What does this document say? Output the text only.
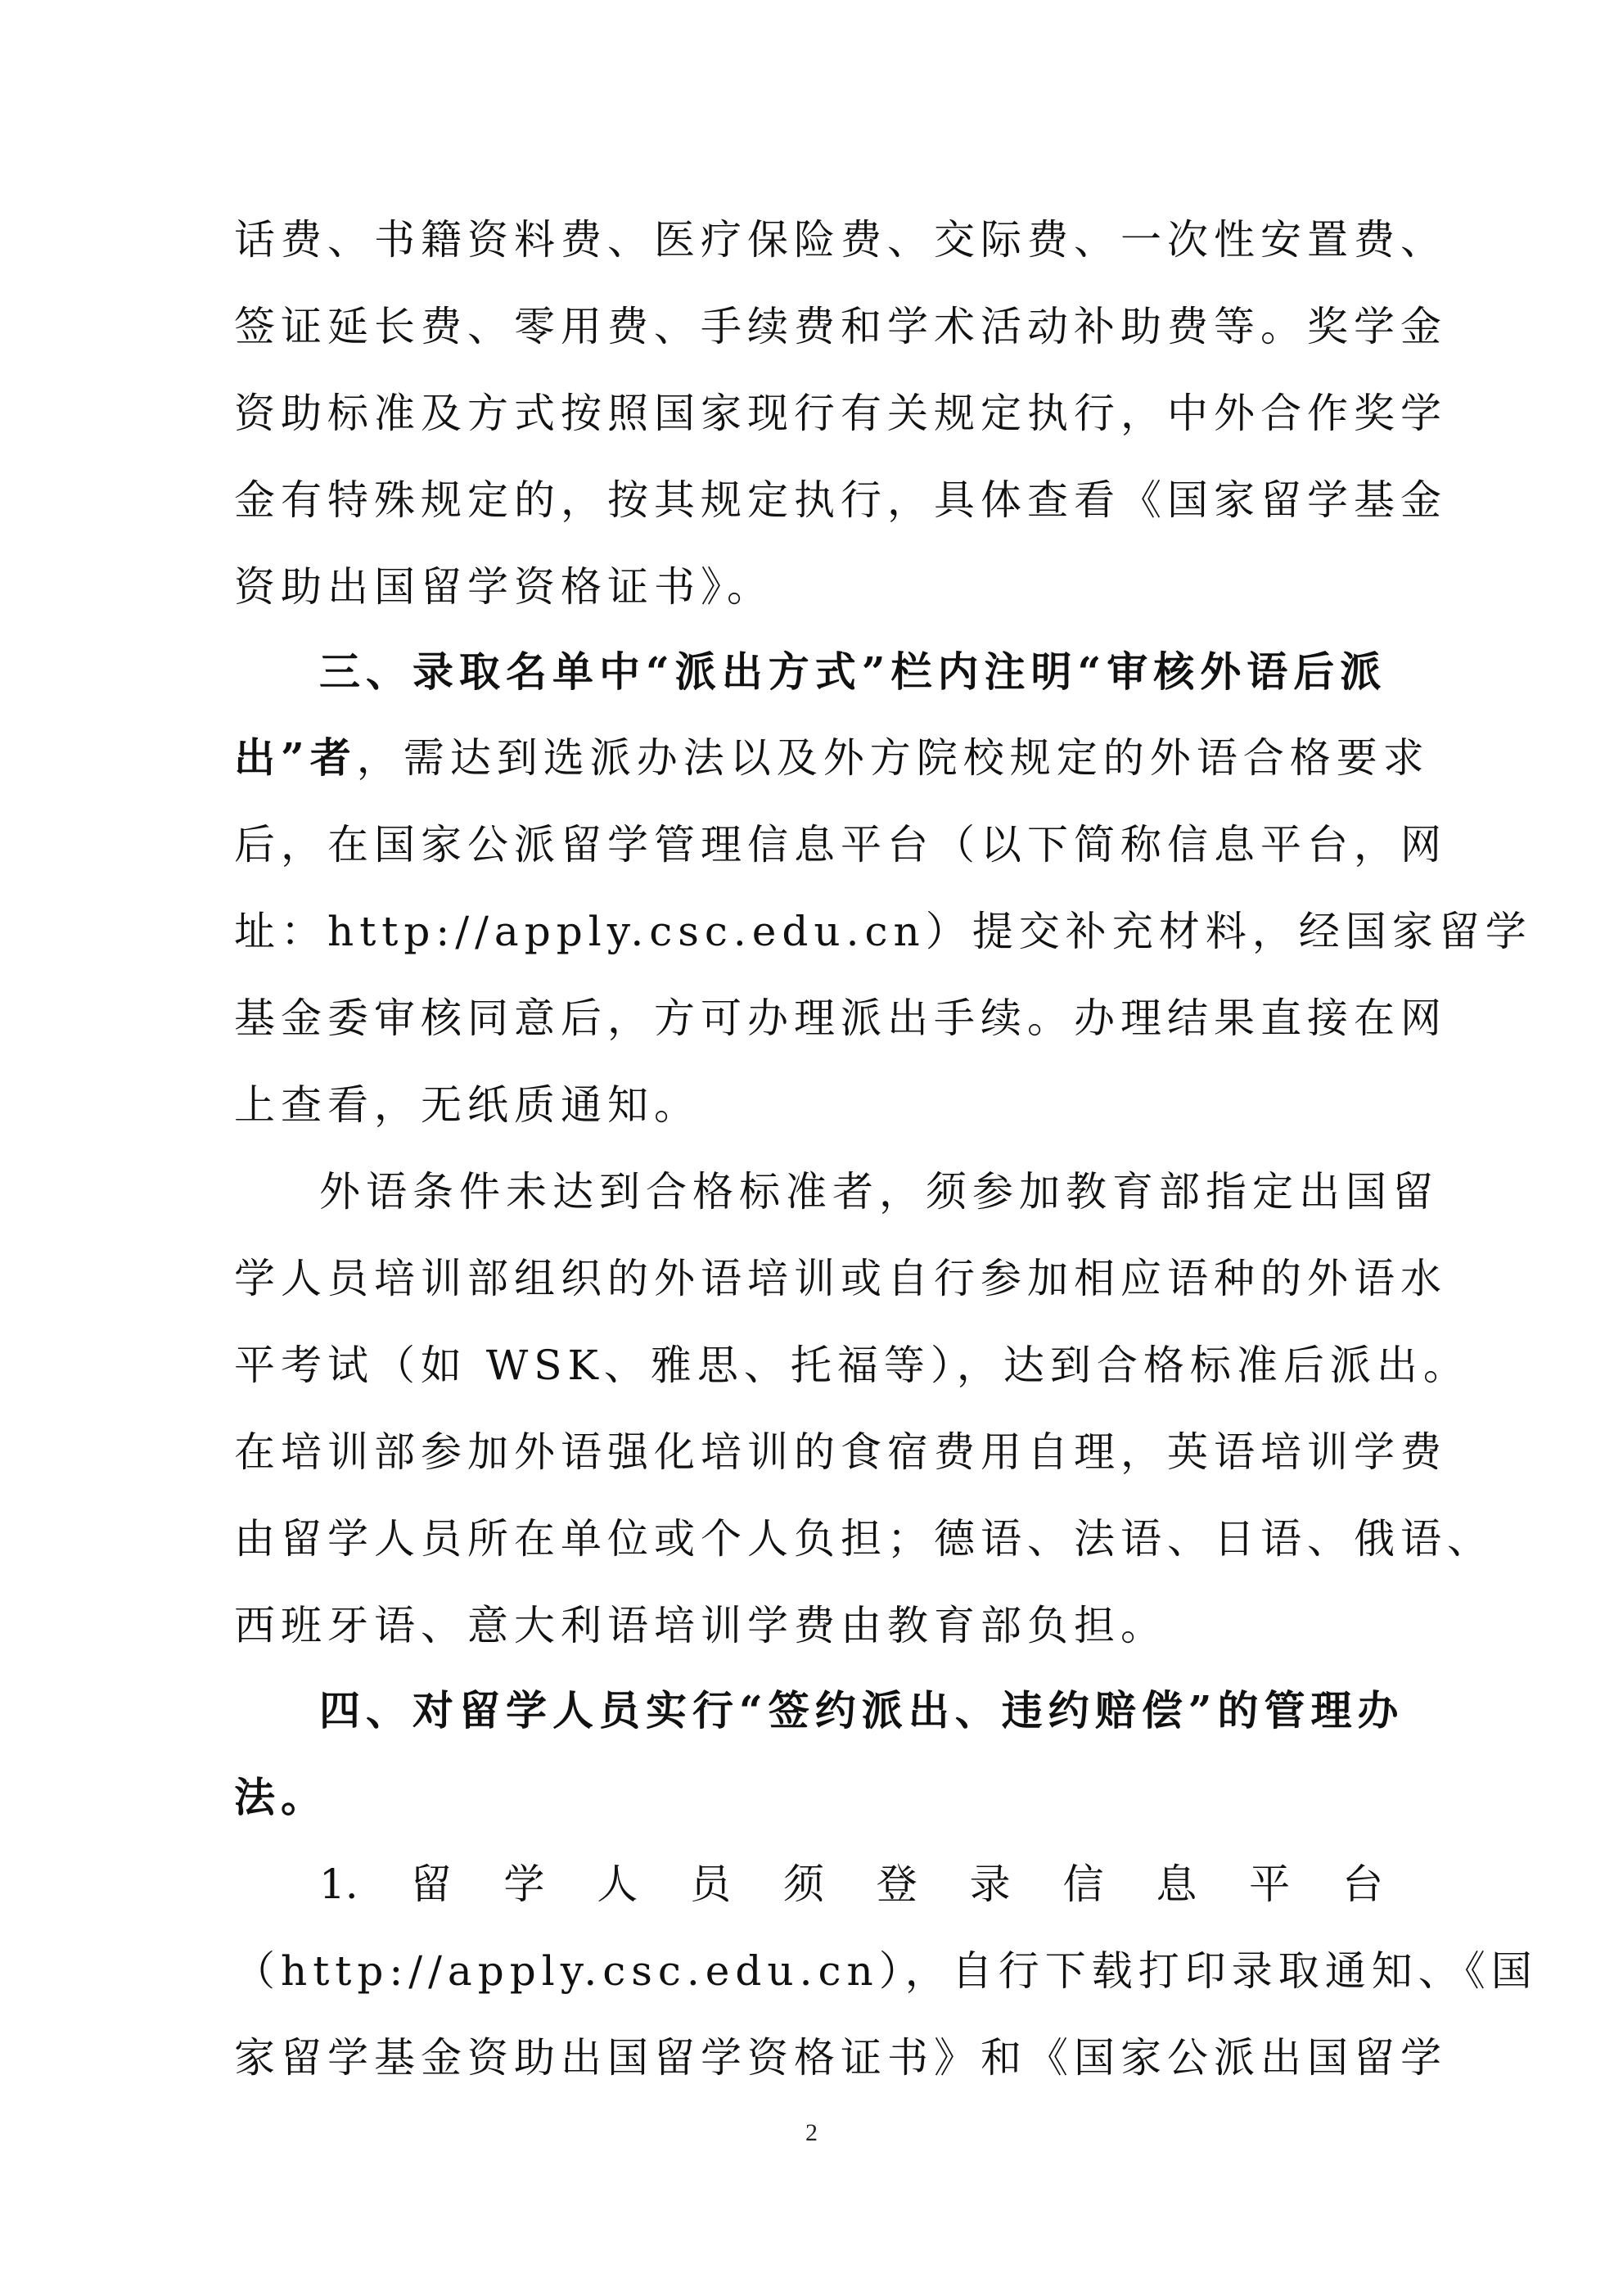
话费、书籍资料费、医疗保险费、交际费、一次性安置费、
签证延长费、零用费、手续费和学术活动补助费等。奖学金
资助标准及方式按照国家现行有关规定执行，中外合作奖学
金有特殊规定的，按其规定执行，具体查看《国家留学基金
资助出国留学资格证书》。
三、录取名单中“派出方式”栏内注明“审核外语后派
出”者，需达到选派办法以及外方院校规定的外语合格要求
后，在国家公派留学管理信息平台（以下简称信息平台，网
址：http://apply.csc.edu.cn）提交补充材料，经国家留学
基金委审核同意后，方可办理派出手续。办理结果直接在网
上查看，无纸质通知。
外语条件未达到合格标准者，须参加教育部指定出国留
学人员培训部组织的外语培训或自行参加相应语种的外语水
平考试（如 WSK、雅思、托福等），达到合格标准后派出。
在培训部参加外语强化培训的食宿费用自理，英语培训学费
由留学人员所在单位或个人负担；德语、法语、日语、俄语、
西班牙语、意大利语培训学费由教育部负担。
四、对留学人员实行“签约派出、违约赔偿”的管理办
法。
1. 留 学 人 员 须 登 录 信 息 平 台
（http://apply.csc.edu.cn），自行下载打印录取通知、《国
家留学基金资助出国留学资格证书》和《国家公派出国留学
2
